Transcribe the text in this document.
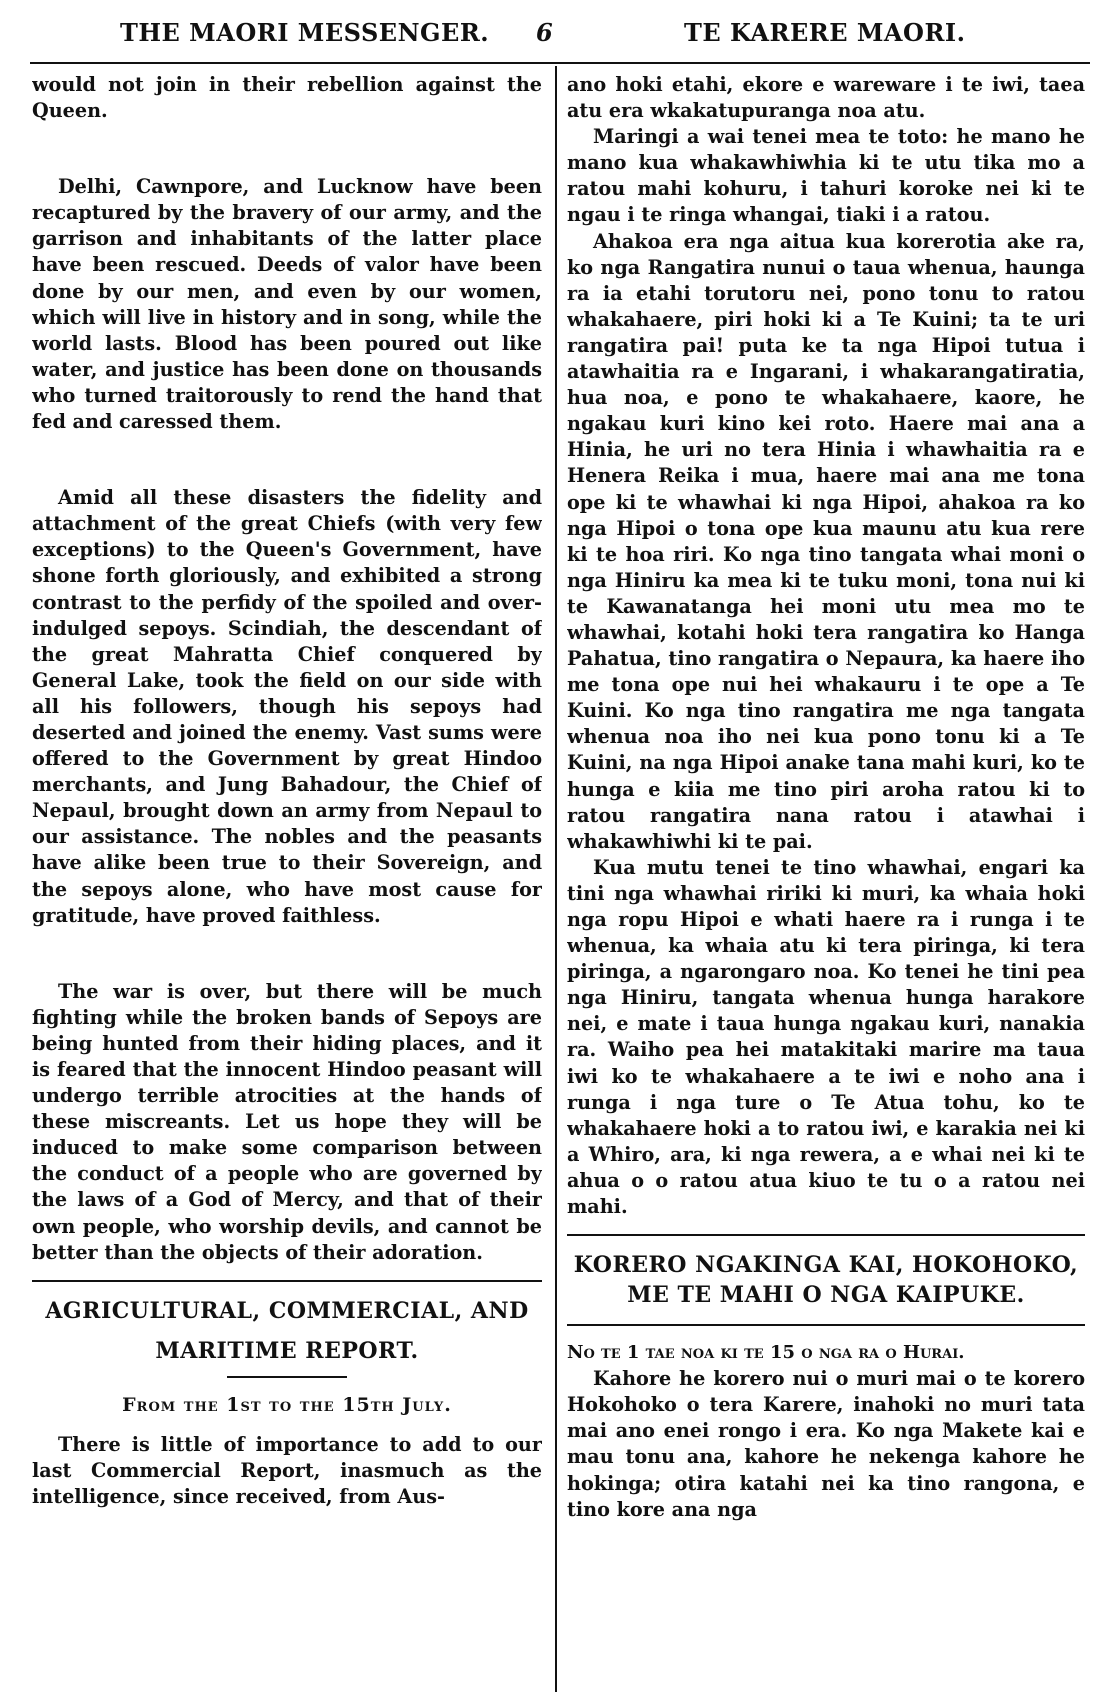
THE MAORI MESSENGER. 6	TE KARERE MAORI.

would not join in their rebellion against the Queen.

Delhi, Cawnpore, and Lucknow have been recaptured by the bravery of our army, and the garrison and inhabitants of the latter place have been rescued. Deeds of valor have been done by our men, and even by our women, which will live in history and in song, while the world lasts. Blood has been poured out like water, and justice has been done on thousands who turned traitorously to rend the hand that fed and caressed them.

Amid all these disasters the fidelity and attachment of the great Chiefs (with very few exceptions) to the Queen's Government, have shone forth gloriously, and exhibited a strong contrast to the perfidy of the spoiled and over-indulged sepoys. Scindiah, the descendant of the great Mahratta Chief conquered by General Lake, took the field on our side with all his followers, though his sepoys had deserted and joined the enemy. Vast sums were offered to the Government by great Hindoo merchants, and Jung Bahadour, the Chief of Nepaul, brought down an army from Nepaul to our assistance. The nobles and the peasants have alike been true to their Sovereign, and the sepoys alone, who have most cause for gratitude, have proved faithless.

The war is over, but there will be much fighting while the broken bands of Sepoys are being hunted from their hiding places, and it is feared that the innocent Hindoo peasant will undergo terrible atrocities at the hands of these miscreants. Let us hope they will be induced to make some comparison between the conduct of a people who are governed by the laws of a God of Mercy, and that of their own people, who worship devils, and cannot be better than the objects of their adoration.

AGRICULTURAL, COMMERCIAL, AND
MARITIME REPORT.
From the 1st to the 15th July.

There is little of importance to add to our last Commercial Report, inasmuch as the intelligence, since received, from Aus-

ano hoki etahi, ekore e wareware i te iwi, taea atu era wkakatupuranga noa atu.

Maringi a wai tenei mea te toto: he mano he mano kua whakawhiwhia ki te utu tika mo a ratou mahi kohuru, i tahuri koroke nei ki te ngau i te ringa whangai, tiaki i a ratou.

Ahakoa era nga aitua kua korerotia ake ra, ko nga Rangatira nunui o taua whenua, haunga ra ia etahi torutoru nei, pono tonu to ratou whakahaere, piri hoki ki a Te Kuini; ta te uri rangatira pai! puta ke ta nga Hipoi tutua i atawhaitia ra e Ingarani, i whakarangatiratia, hua noa, e pono te whakahaere, kaore, he ngakau kuri kino kei roto. Haere mai ana a Hinia, he uri no tera Hinia i whawhaitia ra e Henera Reika i mua, haere mai ana me tona ope ki te whawhai ki nga Hipoi, ahakoa ra ko nga Hipoi o tona ope kua maunu atu kua rere ki te hoa riri. Ko nga tino tangata whai moni o nga Hiniru ka mea ki te tuku moni, tona nui ki te Kawanatanga hei moni utu mea mo te whawhai, kotahi hoki tera rangatira ko Hanga Pahatua, tino rangatira o Nepaura, ka haere iho me tona ope nui hei whakauru i te ope a Te Kuini. Ko nga tino rangatira me nga tangata whenua noa iho nei kua pono tonu ki a Te Kuini, na nga Hipoi anake tana mahi kuri, ko te hunga e kiia me tino piri aroha ratou ki to ratou rangatira nana ratou i atawhai i whakawhiwhi ki te pai.

Kua mutu tenei te tino whawhai, engari ka tini nga whawhai ririki ki muri, ka whaia hoki nga ropu Hipoi e whati haere ra i runga i te whenua, ka whaia atu ki tera piringa, ki tera piringa, a ngarongaro noa. Ko tenei he tini pea nga Hiniru, tangata whenua hunga harakore nei, e mate i taua hunga ngakau kuri, nanakia ra. Waiho pea hei matakitaki marire ma taua iwi ko te whakahaere a te iwi e noho ana i runga i nga ture o Te Atua tohu, ko te whakahaere hoki a to ratou iwi, e karakia nei ki a Whiro, ara, ki nga rewera, a e whai nei ki te ahua o o ratou atua kiuo te tu o a ratou nei mahi.

KORERO NGAKINGA KAI, HOKOHOKO,
ME TE MAHI O NGA KAIPUKE.
No te 1 tae noa ki te 15 o nga ra o Hurai.

Kahore he korero nui o muri mai o te korero Hokohoko o tera Karere, inahoki no muri tata mai ano enei rongo i era. Ko nga Makete kai e mau tonu ana, kahore he nekenga kahore he hokinga; otira katahi nei ka tino rangona, e tino kore ana nga
